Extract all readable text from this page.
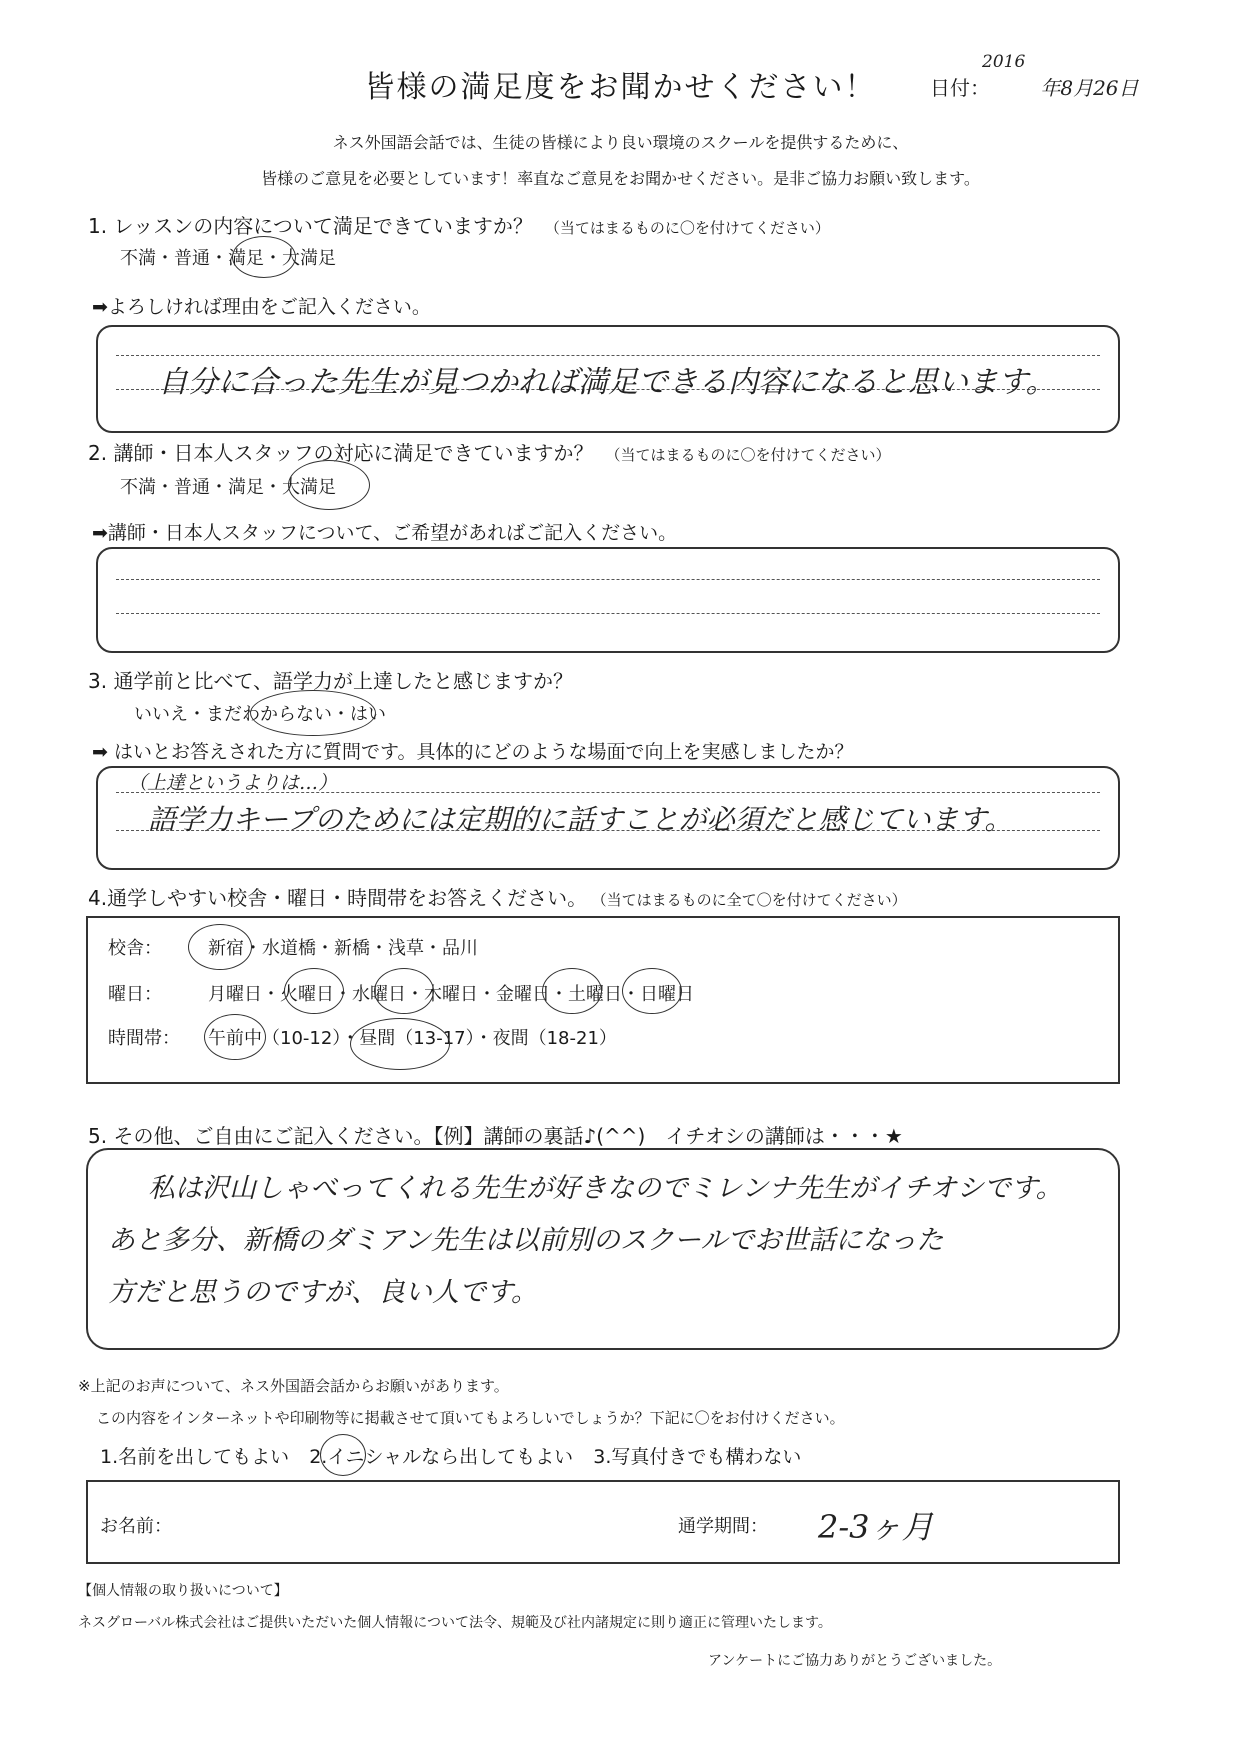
皆様の満足度をお聞かせください！	日付：
2016
年8月26日
ネス外国語会話では、生徒の皆様により良い環境のスクールを提供するために、
皆様のご意見を必要としています！率直なご意見をお聞かせください。是非ご協力お願い致します。
1. レッスンの内容について満足できていますか？ （当てはまるものに〇を付けてください）
不満・普通・満足・大満足
➡よろしければ理由をご記入ください。
自分に合った先生が見つかれば満足できる内容になると思います。
2. 講師・日本人スタッフの対応に満足できていますか？ （当てはまるものに〇を付けてください）
不満・普通・満足・大満足
➡講師・日本人スタッフについて、ご希望があればご記入ください。
3. 通学前と比べて、語学力が上達したと感じますか？
いいえ・まだわからない・はい
➡ はいとお答えされた方に質問です。具体的にどのような場面で向上を実感しましたか？
（上達というよりは…）
語学力キープのためには定期的に話すことが必須だと感じています。
4.通学しやすい校舎・曜日・時間帯をお答えください。 （当てはまるものに全て〇を付けてください）
校舎：	新宿・水道橋・新橋・浅草・品川
曜日：	月曜日・火曜日・水曜日・木曜日・金曜日・土曜日・日曜日
時間帯： 午前中（10-12）・昼間（13-17）・夜間（18-21）
5. その他、ご自由にご記入ください。【例】講師の裏話♪(^^)　イチオシの講師は・・・★
私は沢山しゃべってくれる先生が好きなのでミレンナ先生がイチオシです。
あと多分、新橋のダミアン先生は以前別のスクールでお世話になった
方だと思うのですが、良い人です。
※上記のお声について、ネス外国語会話からお願いがあります。
この内容をインターネットや印刷物等に掲載させて頂いてもよろしいでしょうか？下記に〇をお付けください。
1.名前を出してもよい 2.イニシャルなら出してもよい 3.写真付きでも構わない
お名前：	通学期間： 2-3ヶ月
【個人情報の取り扱いについて】
ネスグローバル株式会社はご提供いただいた個人情報について法令、規範及び社内諸規定に則り適正に管理いたします。
アンケートにご協力ありがとうございました。
